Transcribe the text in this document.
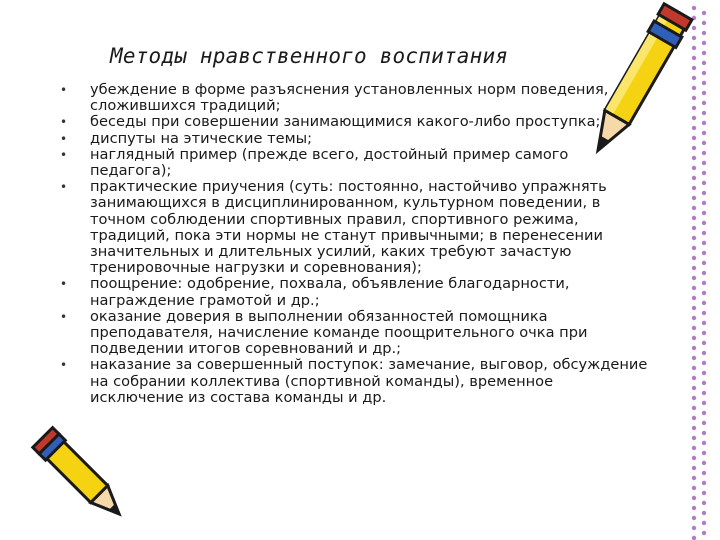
Методы нравственного воспитания
• убеждение в форме разъяснения установленных норм поведения, сложившихся традиций;
• беседы при совершении занимающимися какого-либо проступка;
• диспуты на этические темы;
• наглядный пример (прежде всего, достойный пример самого педагога);
• практические приучения (суть: постоянно, настойчиво упражнять занимающихся в дисциплинированном, культурном поведении, в точном соблюдении спортивных правил, спортивного режима, традиций, пока эти нормы не станут привычными; в перенесении значительных и длительных усилий, каких требуют зачастую тренировочные нагрузки и соревнования);
• поощрение: одобрение, похвала, объявление благодарности, награждение грамотой и др.;
• оказание доверия в выполнении обязанностей помощника преподавателя, начисление команде поощрительного очка при подведении итогов соревнований и др.;
• наказание за совершенный поступок: замечание, выговор, обсуждение на собрании коллектива (спортивной команды), временное исключение из состава команды и др.
